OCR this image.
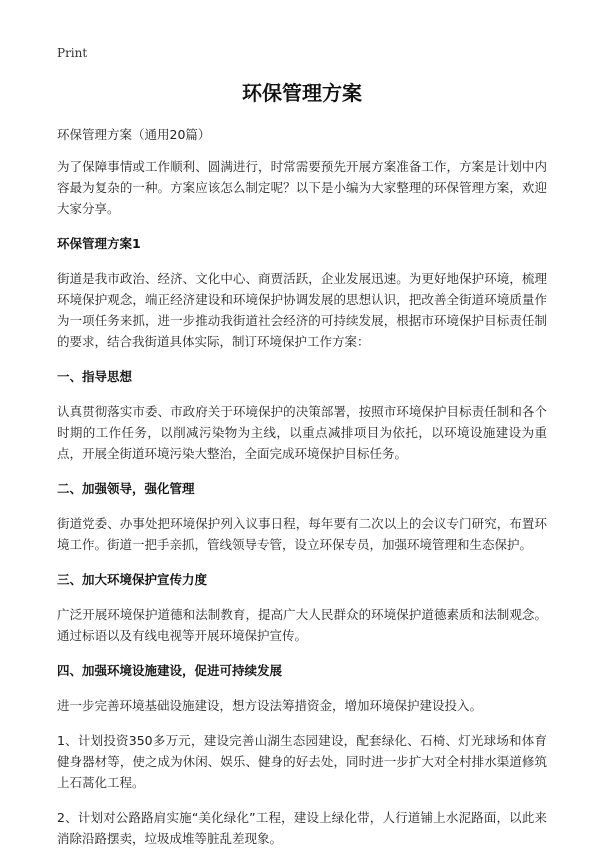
Print
环保管理方案
环保管理方案（通用20篇）
为了保障事情或工作顺利、圆满进行，时常需要预先开展方案准备工作，方案是计划中内容最为复杂的一种。方案应该怎么制定呢？以下是小编为大家整理的环保管理方案，欢迎大家分享。
环保管理方案1
街道是我市政治、经济、文化中心、商贾活跃，企业发展迅速。为更好地保护环境，梳理环境保护观念，端正经济建设和环境保护协调发展的思想认识，把改善全街道环境质量作为一项任务来抓，进一步推动我街道社会经济的可持续发展，根据市环境保护目标责任制的要求，结合我街道具体实际，制订环境保护工作方案：
一、指导思想
认真贯彻落实市委、市政府关于环境保护的决策部署，按照市环境保护目标责任制和各个时期的工作任务，以削减污染物为主线，以重点减排项目为依托，以环境设施建设为重点，开展全街道环境污染大整治，全面完成环境保护目标任务。
二、加强领导，强化管理
街道党委、办事处把环境保护列入议事日程，每年要有二次以上的会议专门研究，布置环境工作。街道一把手亲抓，管线领导专管，设立环保专员，加强环境管理和生态保护。
三、加大环境保护宣传力度
广泛开展环境保护道德和法制教育，提高广大人民群众的环境保护道德素质和法制观念。通过标语以及有线电视等开展环境保护宣传。
四、加强环境设施建设，促进可持续发展
进一步完善环境基础设施建设，想方设法筹措资金，增加环境保护建设投入。
1、计划投资350多万元，建设完善山湖生态园建设，配套绿化、石椅、灯光球场和体育健身器材等，使之成为休闲、娱乐、健身的好去处，同时进一步扩大对全村排水渠道修筑上石蒿化工程。
2、计划对公路路肩实施“美化绿化”工程，建设上绿化带，人行道铺上水泥路面，以此来消除沿路摆卖，垃圾成堆等脏乱差现象。
